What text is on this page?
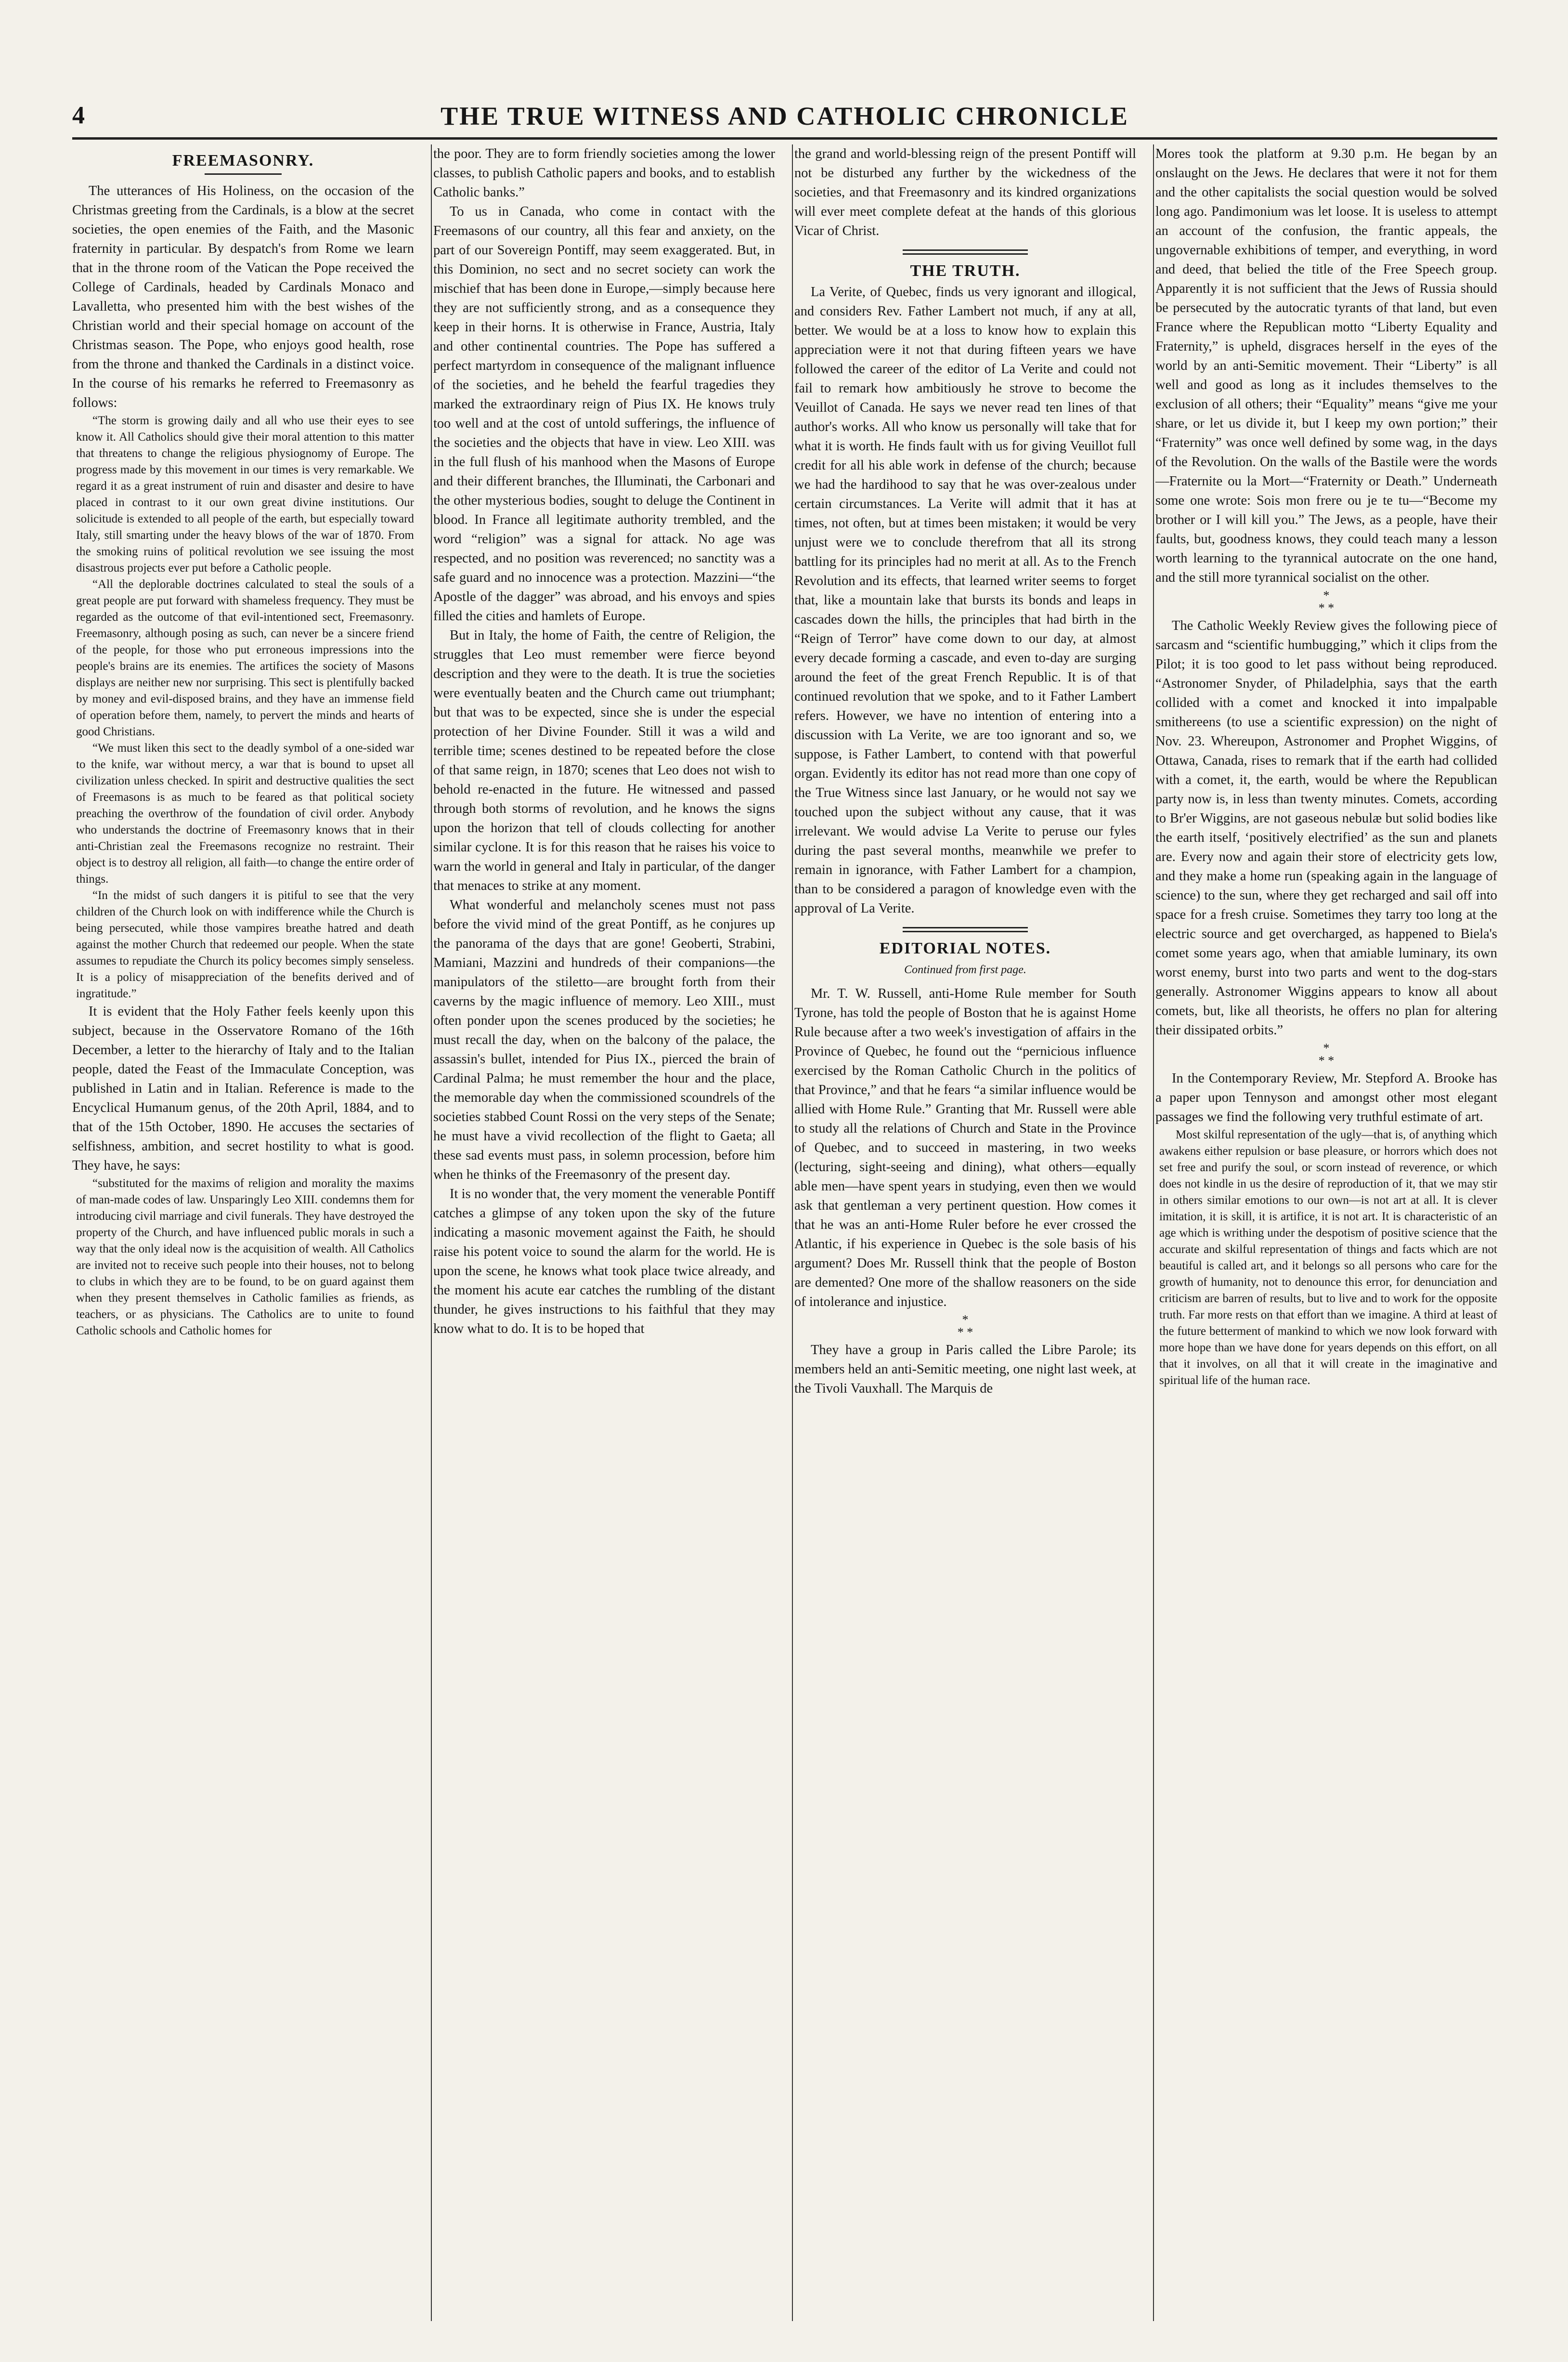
4	THE TRUE WITNESS AND CATHOLIC CHRONICLE
FREEMASONRY.

The utterances of His Holiness, on the occasion of the Christmas greeting from the Cardinals, is a blow at the secret societies, the open enemies of the Faith, and the Masonic fraternity in particular. By despatch's from Rome we learn that in the throne room of the Vatican the Pope received the College of Cardinals, headed by Cardinals Monaco and Lavalletta, who presented him with the best wishes of the Christian world and their special homage on account of the Christmas season. The Pope, who enjoys good health, rose from the throne and thanked the Cardinals in a distinct voice. In the course of his remarks he referred to Freemasonry as follows:

“The storm is growing daily and all who use their eyes to see know it. All Catholics should give their moral attention to this matter that threatens to change the religious physiognomy of Europe. The progress made by this movement in our times is very remarkable. We regard it as a great instrument of ruin and disaster and desire to have placed in contrast to it our own great divine institutions. Our solicitude is extended to all people of the earth, but especially toward Italy, still smarting under the heavy blows of the war of 1870. From the smoking ruins of political revolution we see issuing the most disastrous projects ever put before a Catholic people.

“All the deplorable doctrines calculated to steal the souls of a great people are put forward with shameless frequency. They must be regarded as the outcome of that evil-intentioned sect, Freemasonry. Freemasonry, although posing as such, can never be a sincere friend of the people, for those who put erroneous impressions into the people's brains are its enemies. The artifices the society of Masons displays are neither new nor surprising. This sect is plentifully backed by money and evil-disposed brains, and they have an immense field of operation before them, namely, to pervert the minds and hearts of good Christians.

“We must liken this sect to the deadly symbol of a one-sided war to the knife, war without mercy, a war that is bound to upset all civilization unless checked. In spirit and destructive qualities the sect of Freemasons is as much to be feared as that political society preaching the overthrow of the foundation of civil order. Anybody who understands the doctrine of Freemasonry knows that in their anti-Christian zeal the Freemasons recognize no restraint. Their object is to destroy all religion, all faith—to change the entire order of things.

“In the midst of such dangers it is pitiful to see that the very children of the Church look on with indifference while the Church is being persecuted, while those vampires breathe hatred and death against the mother Church that redeemed our people. When the state assumes to repudiate the Church its policy becomes simply senseless. It is a policy of misappreciation of the benefits derived and of ingratitude.”

It is evident that the Holy Father feels keenly upon this subject, because in the Osservatore Romano of the 16th December, a letter to the hierarchy of Italy and to the Italian people, dated the Feast of the Immaculate Conception, was published in Latin and in Italian. Reference is made to the Encyclical Humanum genus, of the 20th April, 1884, and to that of the 15th October, 1890. He accuses the sectaries of selfishness, ambition, and secret hostility to what is good. They have, he says:

“substituted for the maxims of religion and morality the maxims of man-made codes of law. Unsparingly Leo XIII. condemns them for introducing civil marriage and civil funerals. They have destroyed the property of the Church, and have influenced public morals in such a way that the only ideal now is the acquisition of wealth. All Catholics are invited not to receive such people into their houses, not to belong to clubs in which they are to be found, to be on guard against them when they present themselves in Catholic families as friends, as teachers, or as physicians. The Catholics are to unite to found Catholic schools and Catholic homes for

the poor. They are to form friendly societies among the lower classes, to publish Catholic papers and books, and to establish Catholic banks.”

To us in Canada, who come in contact with the Freemasons of our country, all this fear and anxiety, on the part of our Sovereign Pontiff, may seem exaggerated. But, in this Dominion, no sect and no secret society can work the mischief that has been done in Europe,—simply because here they are not sufficiently strong, and as a consequence they keep in their horns. It is otherwise in France, Austria, Italy and other continental countries. The Pope has suffered a perfect martyrdom in consequence of the malignant influence of the societies, and he beheld the fearful tragedies they marked the extraordinary reign of Pius IX. He knows truly too well and at the cost of untold sufferings, the influence of the societies and the objects that have in view. Leo XIII. was in the full flush of his manhood when the Masons of Europe and their different branches, the Illuminati, the Carbonari and the other mysterious bodies, sought to deluge the Continent in blood. In France all legitimate authority trembled, and the word “religion” was a signal for attack. No age was respected, and no position was reverenced; no sanctity was a safe guard and no innocence was a protection. Mazzini—“the Apostle of the dagger” was abroad, and his envoys and spies filled the cities and hamlets of Europe.

But in Italy, the home of Faith, the centre of Religion, the struggles that Leo must remember were fierce beyond description and they were to the death. It is true the societies were eventually beaten and the Church came out triumphant; but that was to be expected, since she is under the especial protection of her Divine Founder. Still it was a wild and terrible time; scenes destined to be repeated before the close of that same reign, in 1870; scenes that Leo does not wish to behold re-enacted in the future. He witnessed and passed through both storms of revolution, and he knows the signs upon the horizon that tell of clouds collecting for another similar cyclone. It is for this reason that he raises his voice to warn the world in general and Italy in particular, of the danger that menaces to strike at any moment.

What wonderful and melancholy scenes must not pass before the vivid mind of the great Pontiff, as he conjures up the panorama of the days that are gone! Geoberti, Strabini, Mamiani, Mazzini and hundreds of their companions—the manipulators of the stiletto—are brought forth from their caverns by the magic influence of memory. Leo XIII., must often ponder upon the scenes produced by the societies; he must recall the day, when on the balcony of the palace, the assassin's bullet, intended for Pius IX., pierced the brain of Cardinal Palma; he must remember the hour and the place, the memorable day when the commissioned scoundrels of the societies stabbed Count Rossi on the very steps of the Senate; he must have a vivid recollection of the flight to Gaeta; all these sad events must pass, in solemn procession, before him when he thinks of the Freemasonry of the present day.

It is no wonder that, the very moment the venerable Pontiff catches a glimpse of any token upon the sky of the future indicating a masonic movement against the Faith, he should raise his potent voice to sound the alarm for the world. He is upon the scene, he knows what took place twice already, and the moment his acute ear catches the rumbling of the distant thunder, he gives instructions to his faithful that they may know what to do. It is to be hoped that

the grand and world-blessing reign of the present Pontiff will not be disturbed any further by the wickedness of the societies, and that Freemasonry and its kindred organizations will ever meet complete defeat at the hands of this glorious Vicar of Christ.

THE TRUTH.

La Verite, of Quebec, finds us very ignorant and illogical, and considers Rev. Father Lambert not much, if any at all, better. We would be at a loss to know how to explain this appreciation were it not that during fifteen years we have followed the career of the editor of La Verite and could not fail to remark how ambitiously he strove to become the Veuillot of Canada. He says we never read ten lines of that author's works. All who know us personally will take that for what it is worth. He finds fault with us for giving Veuillot full credit for all his able work in defense of the church; because we had the hardihood to say that he was over-zealous under certain circumstances. La Verite will admit that it has at times, not often, but at times been mistaken; it would be very unjust were we to conclude therefrom that all its strong battling for its principles had no merit at all. As to the French Revolution and its effects, that learned writer seems to forget that, like a mountain lake that bursts its bonds and leaps in cascades down the hills, the principles that had birth in the “Reign of Terror” have come down to our day, at almost every decade forming a cascade, and even to-day are surging around the feet of the great French Republic. It is of that continued revolution that we spoke, and to it Father Lambert refers. However, we have no intention of entering into a discussion with La Verite, we are too ignorant and so, we suppose, is Father Lambert, to contend with that powerful organ. Evidently its editor has not read more than one copy of the True Witness since last January, or he would not say we touched upon the subject without any cause, that it was irrelevant. We would advise La Verite to peruse our fyles during the past several months, meanwhile we prefer to remain in ignorance, with Father Lambert for a champion, than to be considered a paragon of knowledge even with the approval of La Verite.

EDITORIAL NOTES.
Continued from first page.

Mr. T. W. Russell, anti-Home Rule member for South Tyrone, has told the people of Boston that he is against Home Rule because after a two week's investigation of affairs in the Province of Quebec, he found out the “pernicious influence exercised by the Roman Catholic Church in the politics of that Province,” and that he fears “a similar influence would be allied with Home Rule.” Granting that Mr. Russell were able to study all the relations of Church and State in the Province of Quebec, and to succeed in mastering, in two weeks (lecturing, sight-seeing and dining), what others—equally able men—have spent years in studying, even then we would ask that gentleman a very pertinent question. How comes it that he was an anti-Home Ruler before he ever crossed the Atlantic, if his experience in Quebec is the sole basis of his argument? Does Mr. Russell think that the people of Boston are demented? One more of the shallow reasoners on the side of intolerance and injustice.

*
* *

They have a group in Paris called the Libre Parole; its members held an anti-Semitic meeting, one night last week, at the Tivoli Vauxhall. The Marquis de

Mores took the platform at 9.30 p.m. He began by an onslaught on the Jews. He declares that were it not for them and the other capitalists the social question would be solved long ago. Pandimonium was let loose. It is useless to attempt an account of the confusion, the frantic appeals, the ungovernable exhibitions of temper, and everything, in word and deed, that belied the title of the Free Speech group. Apparently it is not sufficient that the Jews of Russia should be persecuted by the autocratic tyrants of that land, but even France where the Republican motto “Liberty Equality and Fraternity,” is upheld, disgraces herself in the eyes of the world by an anti-Semitic movement. Their “Liberty” is all well and good as long as it includes themselves to the exclusion of all others; their “Equality” means “give me your share, or let us divide it, but I keep my own portion;” their “Fraternity” was once well defined by some wag, in the days of the Revolution. On the walls of the Bastile were the words—Fraternite ou la Mort—“Fraternity or Death.” Underneath some one wrote: Sois mon frere ou je te tu—“Become my brother or I will kill you.” The Jews, as a people, have their faults, but, goodness knows, they could teach many a lesson worth learning to the tyrannical autocrate on the one hand, and the still more tyrannical socialist on the other.

*
* *

The Catholic Weekly Review gives the following piece of sarcasm and “scientific humbugging,” which it clips from the Pilot; it is too good to let pass without being reproduced. “Astronomer Snyder, of Philadelphia, says that the earth collided with a comet and knocked it into impalpable smithereens (to use a scientific expression) on the night of Nov. 23. Whereupon, Astronomer and Prophet Wiggins, of Ottawa, Canada, rises to remark that if the earth had collided with a comet, it, the earth, would be where the Republican party now is, in less than twenty minutes. Comets, according to Br'er Wiggins, are not gaseous nebulæ but solid bodies like the earth itself, ‘positively electrified’ as the sun and planets are. Every now and again their store of electricity gets low, and they make a home run (speaking again in the language of science) to the sun, where they get recharged and sail off into space for a fresh cruise. Sometimes they tarry too long at the electric source and get overcharged, as happened to Biela's comet some years ago, when that amiable luminary, its own worst enemy, burst into two parts and went to the dog-stars generally. Astronomer Wiggins appears to know all about comets, but, like all theorists, he offers no plan for altering their dissipated orbits.”

*
* *

In the Contemporary Review, Mr. Stepford A. Brooke has a paper upon Tennyson and amongst other most elegant passages we find the following very truthful estimate of art.

Most skilful representation of the ugly—that is, of anything which awakens either repulsion or base pleasure, or horrors which does not set free and purify the soul, or scorn instead of reverence, or which does not kindle in us the desire of reproduction of it, that we may stir in others similar emotions to our own—is not art at all. It is clever imitation, it is skill, it is artifice, it is not art. It is characteristic of an age which is writhing under the despotism of positive science that the accurate and skilful representation of things and facts which are not beautiful is called art, and it belongs so all persons who care for the growth of humanity, not to denounce this error, for denunciation and criticism are barren of results, but to live and to work for the opposite truth. Far more rests on that effort than we imagine. A third at least of the future betterment of mankind to which we now look forward with more hope than we have done for years depends on this effort, on all that it involves, on all that it will create in the imaginative and spiritual life of the human race.
